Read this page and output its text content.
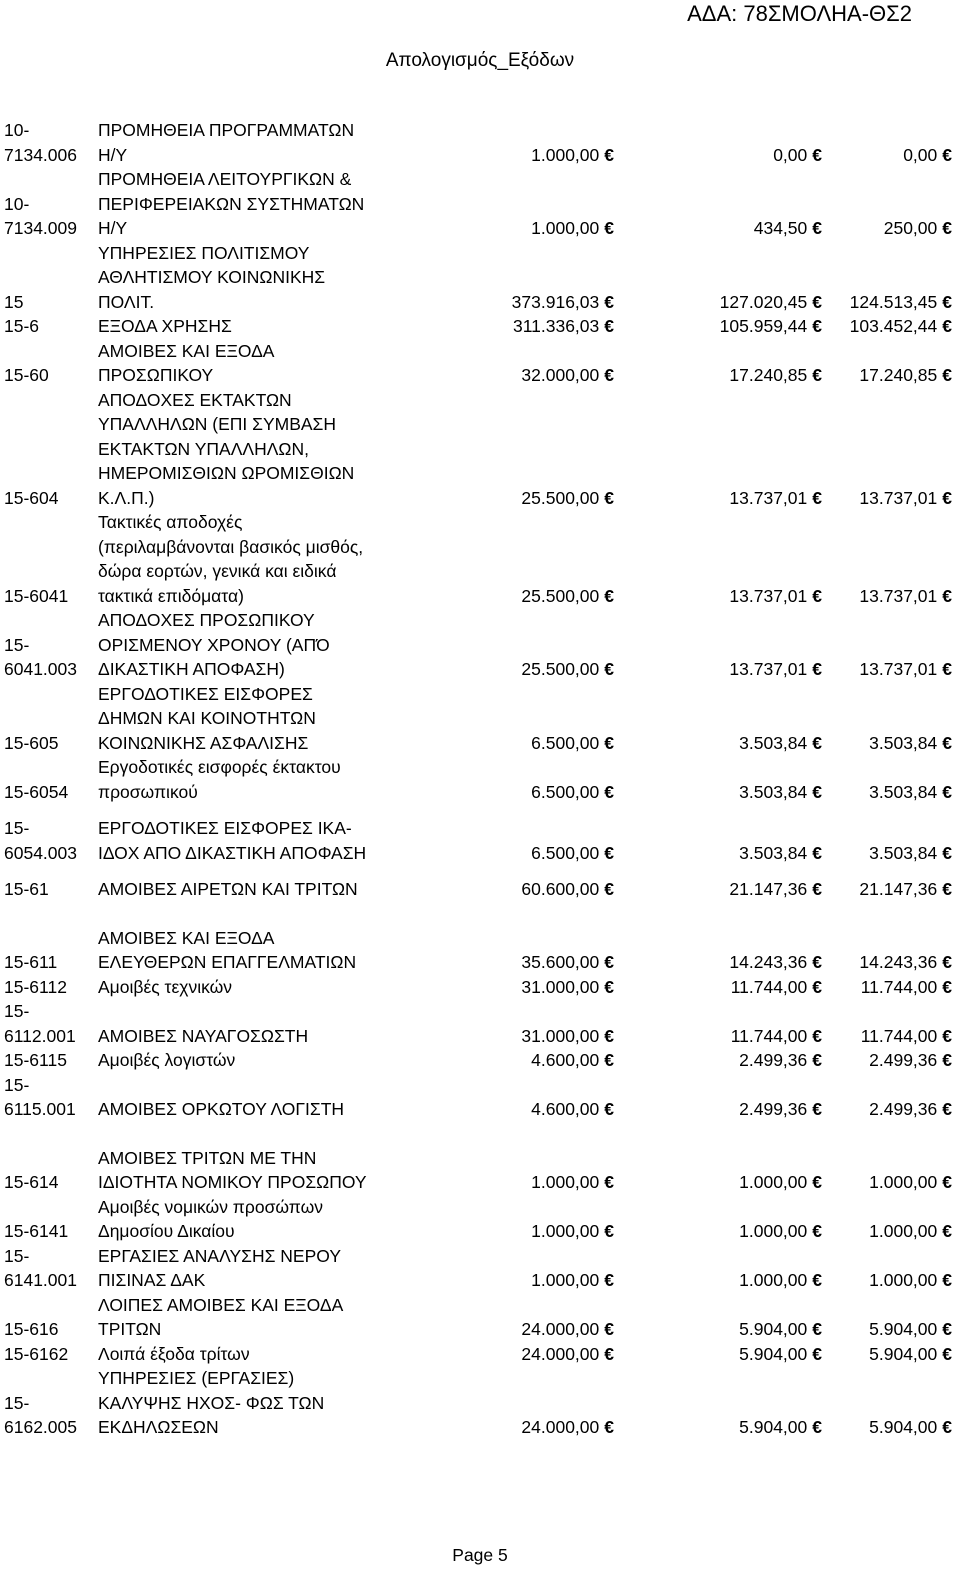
ΑΔΑ: 78ΣΜΟΛΗΑ-ΘΣ2
Απολογισμός_Εξόδων
10-
7134.006
ΠΡΟΜΗΘΕΙΑ ΠΡΟΓΡΑΜΜΑΤΩΝ
Η/Υ	1.000,00 €	0,00 €	0,00 €
10-
7134.009
ΠΡΟΜΗΘΕΙΑ ΛΕΙΤΟΥΡΓΙΚΩΝ &
ΠΕΡΙΦΕΡΕΙΑΚΩΝ ΣΥΣΤΗΜΑΤΩΝ
Η/Υ	1.000,00 €	434,50 €	250,00 €
15
ΥΠΗΡΕΣΙΕΣ ΠΟΛΙΤΙΣΜΟΥ
ΑΘΛΗΤΙΣΜΟΥ ΚΟΙΝΩΝΙΚΗΣ
ΠΟΛΙΤ.	373.916,03 €	127.020,45 € 124.513,45 €
15-6	ΕΞΟΔΑ ΧΡΗΣΗΣ	311.336,03 €	105.959,44 € 103.452,44 €
15-60
ΑΜΟΙΒΕΣ ΚΑΙ ΕΞΟΔΑ
ΠΡΟΣΩΠΙΚΟΥ	32.000,00 €	17.240,85 € 17.240,85 €
15-604
ΑΠΟΔΟΧΕΣ ΕΚΤΑΚΤΩΝ
ΥΠΑΛΛΗΛΩΝ (ΕΠΙ ΣΥΜΒΑΣΗ
ΕΚΤΑΚΤΩΝ ΥΠΑΛΛΗΛΩΝ,
ΗΜΕΡΟΜΙΣΘΙΩΝ ΩΡΟΜΙΣΘΙΩΝ
Κ.Λ.Π.)	25.500,00 €	13.737,01 € 13.737,01 €
15-6041
Τακτικές αποδοχές
(περιλαμβάνονται βασικός μισθός,
δώρα εορτών, γενικά και ειδικά
τακτικά επιδόματα)	25.500,00 €	13.737,01 € 13.737,01 €
15-
6041.003
ΑΠΟΔΟΧΕΣ ΠΡΟΣΩΠΙΚΟΥ
ΟΡΙΣΜΕΝΟΥ ΧΡΟΝΟΥ (ΑΠΌ
ΔΙΚΑΣΤΙΚΗ ΑΠΟΦΑΣΗ)	25.500,00 €	13.737,01 € 13.737,01 €
15-605
ΕΡΓΟΔΟΤΙΚΕΣ ΕΙΣΦΟΡΕΣ
ΔΗΜΩΝ ΚΑΙ ΚΟΙΝΟΤΗΤΩΝ
ΚΟΙΝΩΝΙΚΗΣ ΑΣΦΑΛΙΣΗΣ	6.500,00 €	3.503,84 €	3.503,84 €
15-6054
Εργοδοτικές εισφορές έκτακτου
προσωπικού	6.500,00 €	3.503,84 €	3.503,84 €
15-
6054.003
ΕΡΓΟΔΟΤΙΚΕΣ ΕΙΣΦΟΡΕΣ ΙΚΑ-
ΙΔΟΧ ΑΠΟ ΔΙΚΑΣΤΙΚΗ ΑΠΟΦΑΣΗ	6.500,00 €	3.503,84 €	3.503,84 €
15-61	ΑΜΟΙΒΕΣ ΑΙΡΕΤΩΝ ΚΑΙ ΤΡΙΤΩΝ	60.600,00 €	21.147,36 € 21.147,36 €
15-611
ΑΜΟΙΒΕΣ ΚΑΙ ΕΞΟΔΑ
ΕΛΕΥΘΕΡΩΝ ΕΠΑΓΓΕΛΜΑΤΙΩΝ	35.600,00 €	14.243,36 € 14.243,36 €
15-6112	Αμοιβές τεχνικών	31.000,00 €	11.744,00 € 11.744,00 €
15-
6112.001	ΑΜΟΙΒΕΣ ΝΑΥΑΓΟΣΩΣΤΗ	31.000,00 €	11.744,00 € 11.744,00 €
15-6115	Αμοιβές λογιστών	4.600,00 €	2.499,36 €	2.499,36 €
15-
6115.001	ΑΜΟΙΒΕΣ ΟΡΚΩΤΟΥ ΛΟΓΙΣΤΗ	4.600,00 €	2.499,36 €	2.499,36 €
15-614
ΑΜΟΙΒΕΣ ΤΡΙΤΩΝ ΜΕ ΤΗΝ
ΙΔΙΟΤΗΤΑ ΝΟΜΙΚΟΥ ΠΡΟΣΩΠΟΥ	1.000,00 €	1.000,00 €	1.000,00 €
15-6141
Αμοιβές νομικών προσώπων
Δημοσίου Δικαίου	1.000,00 €	1.000,00 €	1.000,00 €
15-
6141.001
ΕΡΓΑΣΙΕΣ ΑΝΑΛΥΣΗΣ ΝΕΡΟΥ
ΠΙΣΙΝΑΣ ΔΑΚ	1.000,00 €	1.000,00 €	1.000,00 €
15-616
ΛΟΙΠΕΣ ΑΜΟΙΒΕΣ ΚΑΙ ΕΞΟΔΑ
ΤΡΙΤΩΝ	24.000,00 €	5.904,00 €	5.904,00 €
15-6162	Λοιπά έξοδα τρίτων	24.000,00 €	5.904,00 €	5.904,00 €
15-
6162.005
ΥΠΗΡΕΣΙΕΣ (ΕΡΓΑΣΙΕΣ)
ΚΑΛΥΨΗΣ ΗΧΟΣ- ΦΩΣ ΤΩΝ
ΕΚΔΗΛΩΣΕΩΝ	24.000,00 €	5.904,00 €	5.904,00 €
Page 5
